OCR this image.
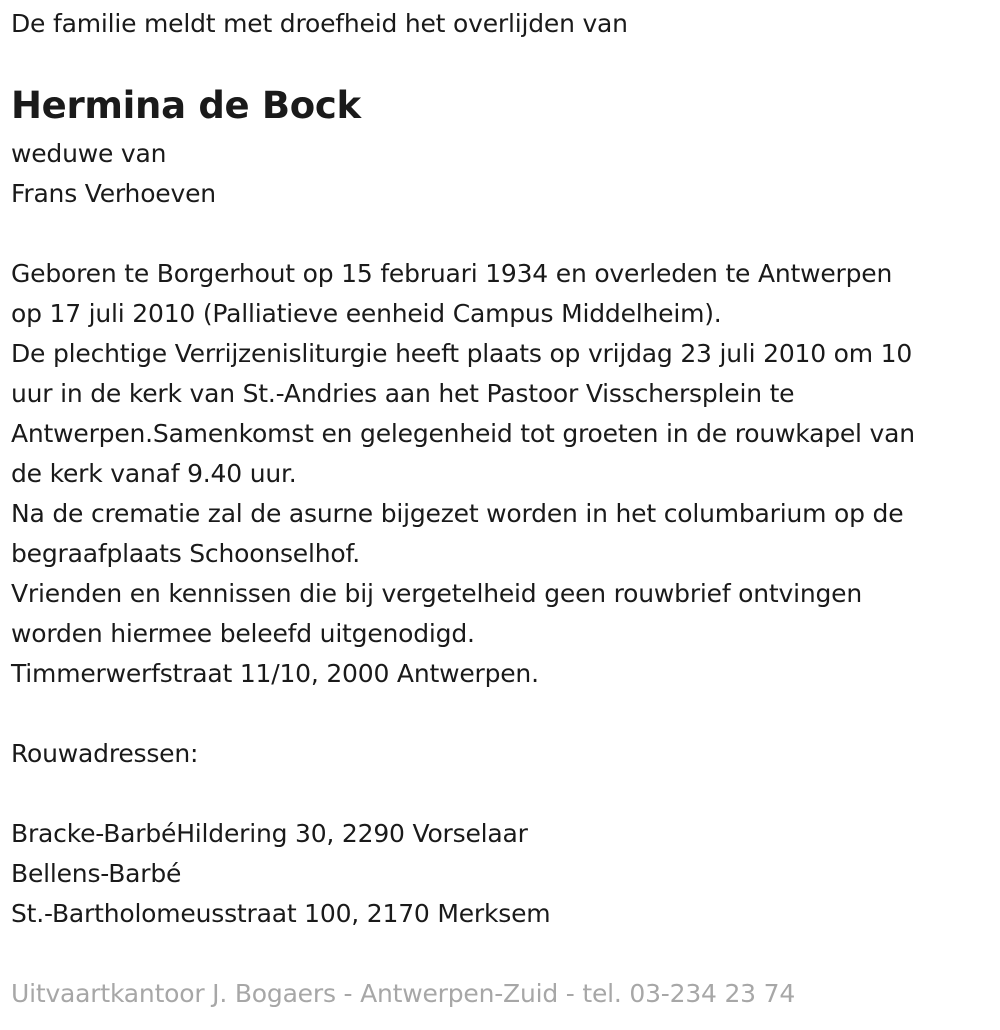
De familie meldt met droefheid het overlijden van
Hermina de Bock
weduwe van
Frans Verhoeven
Geboren te Borgerhout op 15 februari 1934 en overleden te Antwerpen
op 17 juli 2010 (Palliatieve eenheid Campus Middelheim).
De plechtige Verrijzenisliturgie heeft plaats op vrijdag 23 juli 2010 om 10
uur in de kerk van St.-Andries aan het Pastoor Visschersplein te
Antwerpen.Samenkomst en gelegenheid tot groeten in de rouwkapel van
de kerk vanaf 9.40 uur.
Na de crematie zal de asurne bijgezet worden in het columbarium op de
begraafplaats Schoonselhof.
Vrienden en kennissen die bij vergetelheid geen rouwbrief ontvingen
worden hiermee beleefd uitgenodigd.
Timmerwerfstraat 11/10, 2000 Antwerpen.
Rouwadressen:
Bracke-BarbéHildering 30, 2290 Vorselaar
Bellens-Barbé
St.-Bartholomeusstraat 100, 2170 Merksem
Uitvaartkantoor J. Bogaers - Antwerpen-Zuid - tel. 03-234 23 74
